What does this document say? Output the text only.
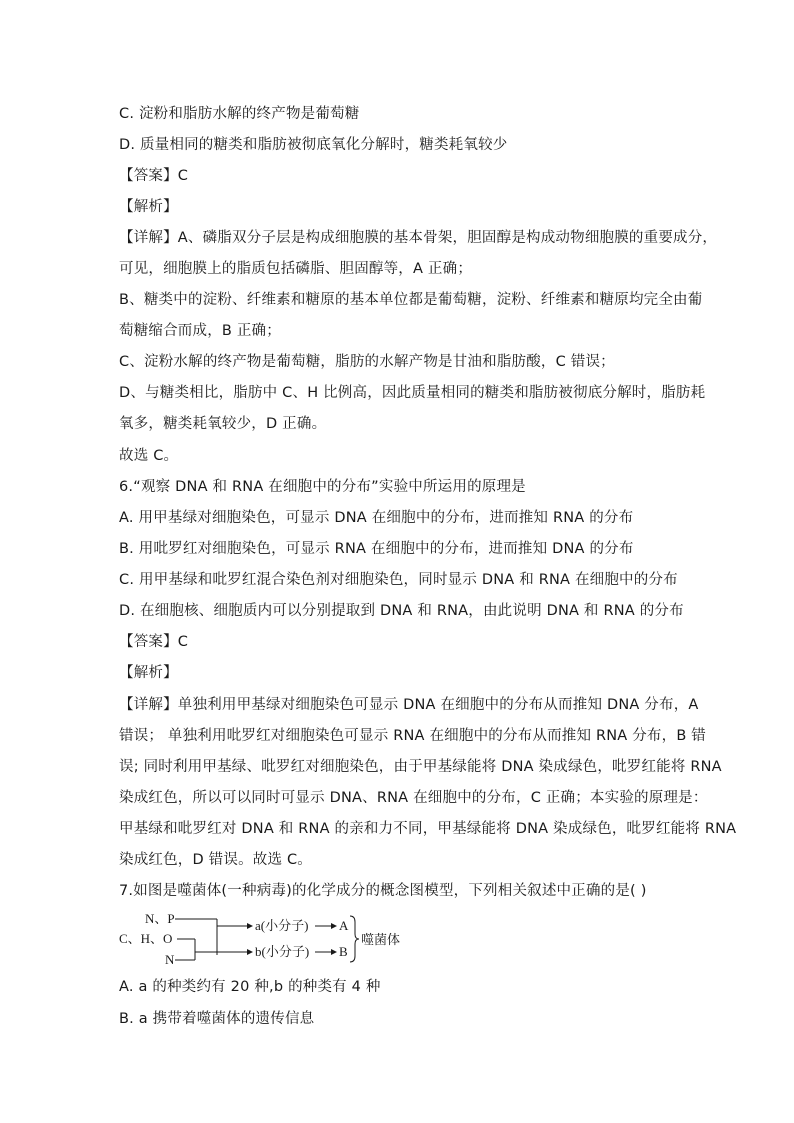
C. 淀粉和脂肪水解的终产物是葡萄糖
D. 质量相同的糖类和脂肪被彻底氧化分解时，糖类耗氧较少
【答案】C
【解析】
【详解】A、磷脂双分子层是构成细胞膜的基本骨架，胆固醇是构成动物细胞膜的重要成分，
可见，细胞膜上的脂质包括磷脂、胆固醇等，A 正确；
B、糖类中的淀粉、纤维素和糖原的基本单位都是葡萄糖，淀粉、纤维素和糖原均完全由葡
萄糖缩合而成，B 正确；
C、淀粉水解的终产物是葡萄糖，脂肪的水解产物是甘油和脂肪酸，C 错误；
D、与糖类相比，脂肪中 C、H 比例高，因此质量相同的糖类和脂肪被彻底分解时，脂肪耗
氧多，糖类耗氧较少，D 正确。
故选 C。
6.“观察 DNA 和 RNA 在细胞中的分布”实验中所运用的原理是
A. 用甲基绿对细胞染色，可显示 DNA 在细胞中的分布，进而推知 RNA 的分布
B. 用吡罗红对细胞染色，可显示 RNA 在细胞中的分布，进而推知 DNA 的分布
C. 用甲基绿和吡罗红混合染色剂对细胞染色，同时显示 DNA 和 RNA 在细胞中的分布
D. 在细胞核、细胞质内可以分别提取到 DNA 和 RNA，由此说明 DNA 和 RNA 的分布
【答案】C
【解析】
【详解】单独利用甲基绿对细胞染色可显示 DNA 在细胞中的分布从而推知 DNA 分布，A
错误； 单独利用吡罗红对细胞染色可显示 RNA 在细胞中的分布从而推知 RNA 分布，B 错
误; 同时利用甲基绿、吡罗红对细胞染色，由于甲基绿能将 DNA 染成绿色，吡罗红能将 RNA
染成红色，所以可以同时可显示 DNA、RNA 在细胞中的分布，C 正确；本实验的原理是：
甲基绿和吡罗红对 DNA 和 RNA 的亲和力不同，甲基绿能将 DNA 染成绿色，吡罗红能将 RNA
染成红色，D 错误。故选 C。
7.如图是噬菌体(一种病毒)的化学成分的概念图模型，下列相关叙述中正确的是( )
N、P
C、H、O
N
a(小分子)
b(小分子)
A
B
噬菌体
A. a 的种类约有 20 种,b 的种类有 4 种
B. a 携带着噬菌体的遗传信息
